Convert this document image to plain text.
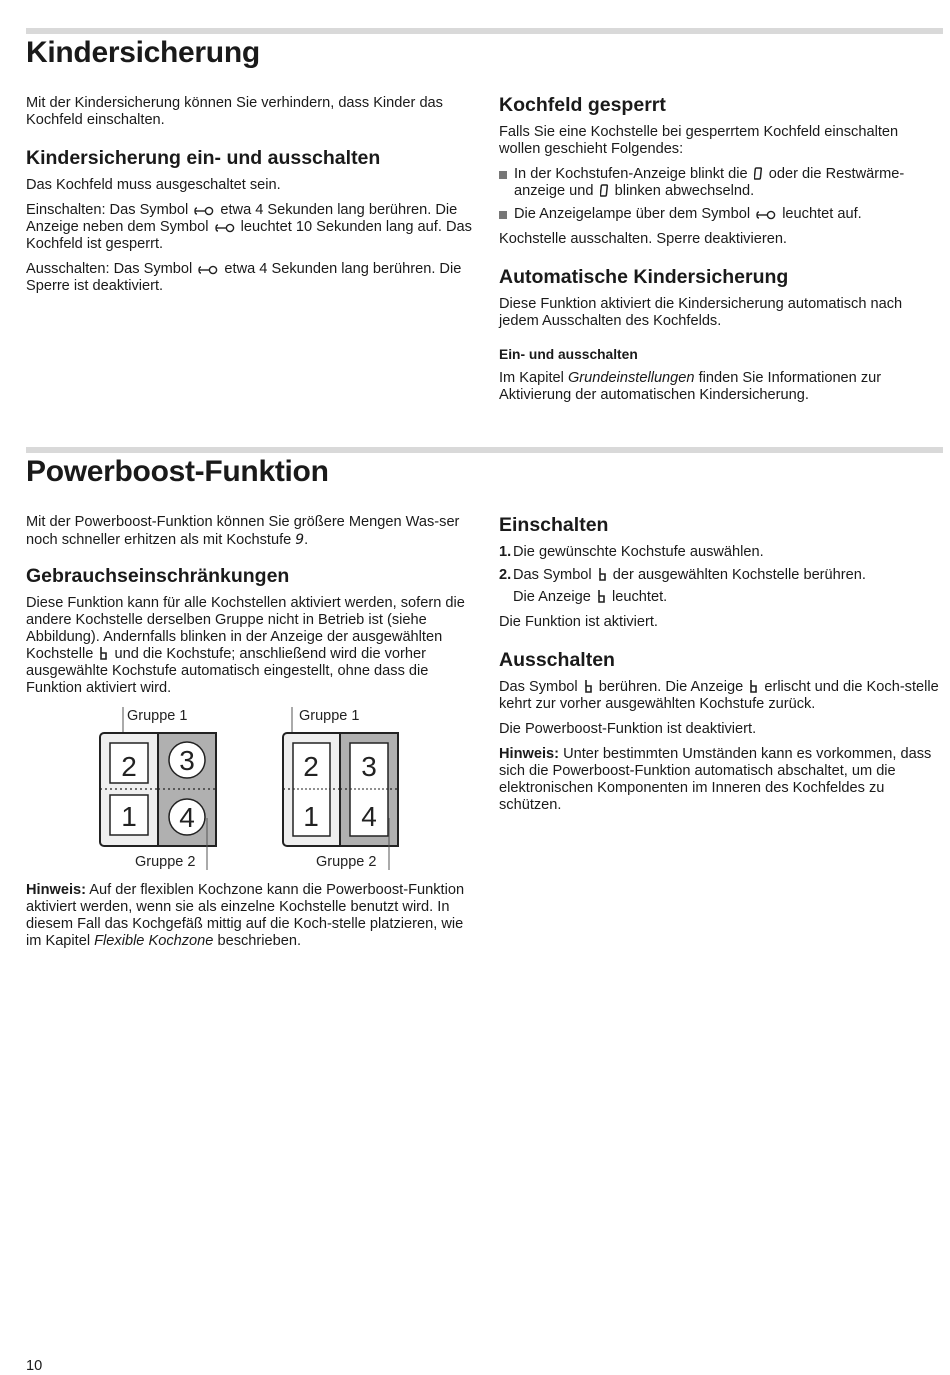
Kindersicherung

Mit der Kindersicherung können Sie verhindern, dass Kinder das Kochfeld einschalten.

Kindersicherung ein- und ausschalten

Das Kochfeld muss ausgeschaltet sein.

Einschalten: Das Symbol etwa 4 Sekunden lang berühren. Die Anzeige neben dem Symbol leuchtet 10 Sekunden lang auf. Das Kochfeld ist gesperrt.

Ausschalten: Das Symbol etwa 4 Sekunden lang berühren. Die Sperre ist deaktiviert.

Kochfeld gesperrt

Falls Sie eine Kochstelle bei gesperrtem Kochfeld einschalten wollen geschieht Folgendes:

In der Kochstufen-Anzeige blinkt die oder die Restwärme-anzeige und blinken abwechselnd.
Die Anzeigelampe über dem Symbol leuchtet auf.

Kochstelle ausschalten. Sperre deaktivieren.

Automatische Kindersicherung

Diese Funktion aktiviert die Kindersicherung automatisch nach jedem Ausschalten des Kochfelds.

Ein- und ausschalten

Im Kapitel Grundeinstellungen finden Sie Informationen zur Aktivierung der automatischen Kindersicherung.

Powerboost-Funktion

Mit der Powerboost-Funktion können Sie größere Mengen Was-ser noch schneller erhitzen als mit Kochstufe 9.

Gebrauchseinschränkungen

Diese Funktion kann für alle Kochstellen aktiviert werden, sofern die andere Kochstelle derselben Gruppe nicht in Betrieb ist (siehe Abbildung). Andernfalls blinken in der Anzeige der ausgewählten Kochstelle und die Kochstufe; anschließend wird die vorher ausgewählte Kochstufe automatisch eingestellt, ohne dass die Funktion aktiviert wird.

Gruppe 1
2
1
3
4
Gruppe 2
Gruppe 1
2
1
3
4
Gruppe 2

Hinweis: Auf der flexiblen Kochzone kann die Powerboost-Funktion aktiviert werden, wenn sie als einzelne Kochstelle benutzt wird. In diesem Fall das Kochgefäß mittig auf die Koch-stelle platzieren, wie im Kapitel Flexible Kochzone beschrieben.

Einschalten
1. Die gewünschte Kochstufe auswählen.
2. Das Symbol der ausgewählten Kochstelle berühren.
Die Anzeige leuchtet.

Die Funktion ist aktiviert.

Ausschalten

Das Symbol berühren. Die Anzeige erlischt und die Koch-stelle kehrt zur vorher ausgewählten Kochstufe zurück.

Die Powerboost-Funktion ist deaktiviert.

Hinweis: Unter bestimmten Umständen kann es vorkommen, dass sich die Powerboost-Funktion automatisch abschaltet, um die elektronischen Komponenten im Inneren des Kochfeldes zu schützen.

10
